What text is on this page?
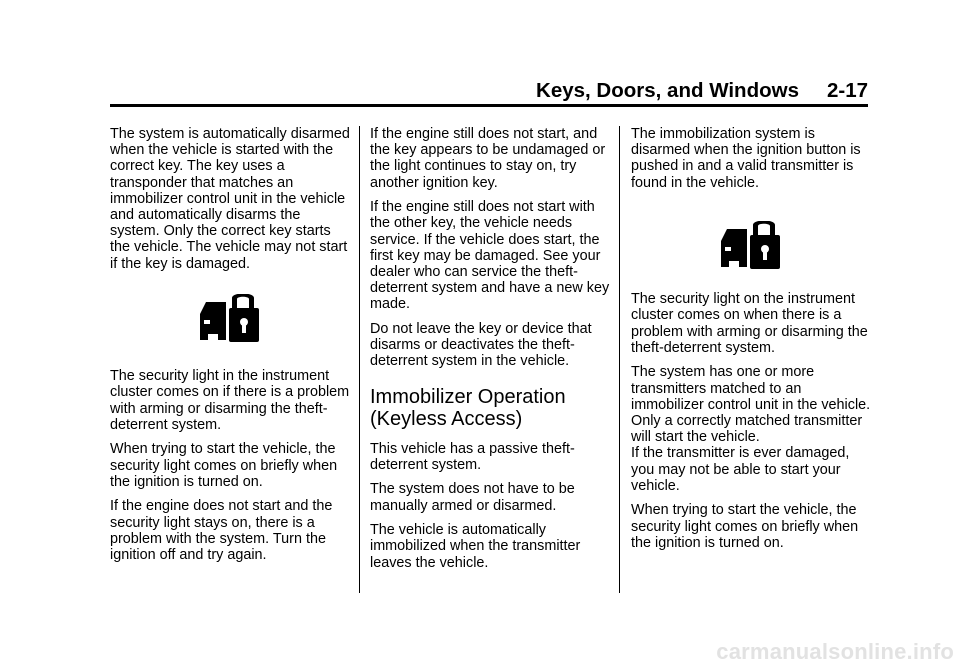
Keys, Doors, and Windows 2-17

The system is automatically disarmed when the vehicle is started with the correct key. The key uses a transponder that matches an immobilizer control unit in the vehicle and automatically disarms the system. Only the correct key starts the vehicle. The vehicle may not start if the key is damaged.

The security light in the instrument cluster comes on if there is a problem with arming or disarming the theft-deterrent system.

When trying to start the vehicle, the security light comes on briefly when the ignition is turned on.

If the engine does not start and the security light stays on, there is a problem with the system. Turn the ignition off and try again.

If the engine still does not start, and the key appears to be undamaged or the light continues to stay on, try another ignition key.

If the engine still does not start with the other key, the vehicle needs service. If the vehicle does start, the first key may be damaged. See your dealer who can service the theft-deterrent system and have a new key made.

Do not leave the key or device that disarms or deactivates the theft-deterrent system in the vehicle.

Immobilizer Operation (Keyless Access)

This vehicle has a passive theft-deterrent system.

The system does not have to be manually armed or disarmed.

The vehicle is automatically immobilized when the transmitter leaves the vehicle.

The immobilization system is disarmed when the ignition button is pushed in and a valid transmitter is found in the vehicle.

The security light on the instrument cluster comes on when there is a problem with arming or disarming the theft-deterrent system.

The system has one or more transmitters matched to an immobilizer control unit in the vehicle. Only a correctly matched transmitter will start the vehicle.

If the transmitter is ever damaged, you may not be able to start your vehicle.

When trying to start the vehicle, the security light comes on briefly when the ignition is turned on.

carmanualsonline.info
